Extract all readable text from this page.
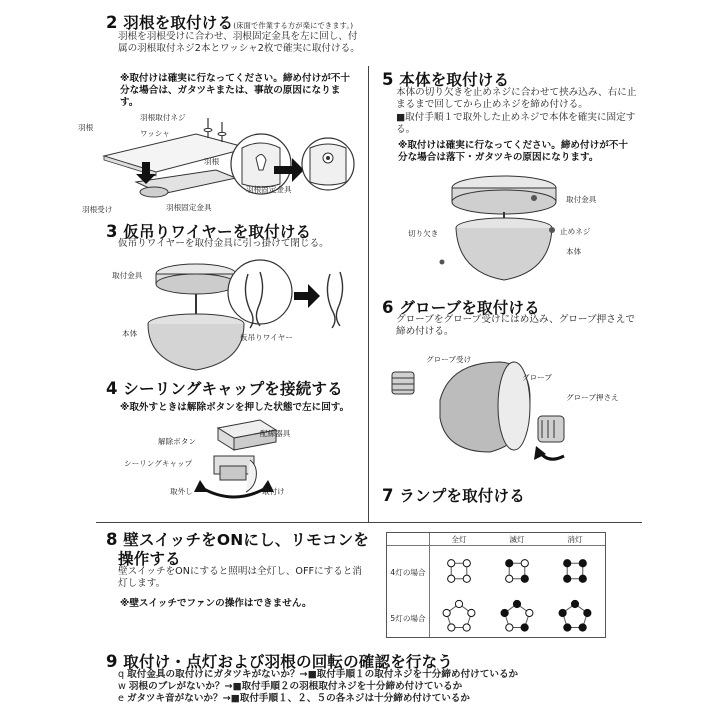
2 羽根を取付ける(床面で作業する方が楽にできます。)
羽根を羽根受けに合わせ、羽根固定金具を左に回し、付属の羽根取付ネジ2本とワッシャ2枚で確実に取付ける。
※取付けは確実に行なってください。締め付けが不十分な場合は、ガタツキまたは、事故の原因になります。
羽根取付ネジ
ワッシャ
羽根
羽根受け	羽根固定金具
羽根
羽根固定金具
3 仮吊りワイヤーを取付ける
仮吊りワイヤーを取付金具に引っ掛けて閉じる。
取付金具
本体	仮吊りワイヤー
4 シーリングキャップを接続する
※取外すときは解除ボタンを押した状態で左に回す。
解除ボタン
配線器具
シーリングキャップ
取外し	取付け
5 本体を取付ける
本体の切り欠きを止めネジに合わせて挟み込み、右に止まるまで回してから止めネジを締め付ける。
■取付手順１で取外した止めネジで本体を確実に固定する。
※取付けは確実に行なってください。締め付けが不十分な場合は落下・ガタツキの原因になります。
取付金具
切り欠き	止めネジ
本体
6 グローブを取付ける
グローブをグローブ受けにはめ込み、グローブ押さえで締め付ける。
グローブ受け
グローブ
グローブ押さえ
7 ランプを取付ける
8 壁スイッチをONにし、リモコンを
操作する
壁スイッチをONにすると照明は全灯し、OFFにすると消灯します。
※壁スイッチでファンの操作はできません。
全灯	滅灯	消灯
4灯の場合
5灯の場合
9 取付け・点灯および羽根の回転の確認を行なう
q 取付金具の取付けにガタツキがないか？→■取付手順１の取付ネジを十分締め付けているか
w 羽根のブレがないか？→■取付手順２の羽根取付ネジを十分締め付けているか
e ガタツキ音がないか？→■取付手順１、２、５の各ネジは十分締め付けているか
